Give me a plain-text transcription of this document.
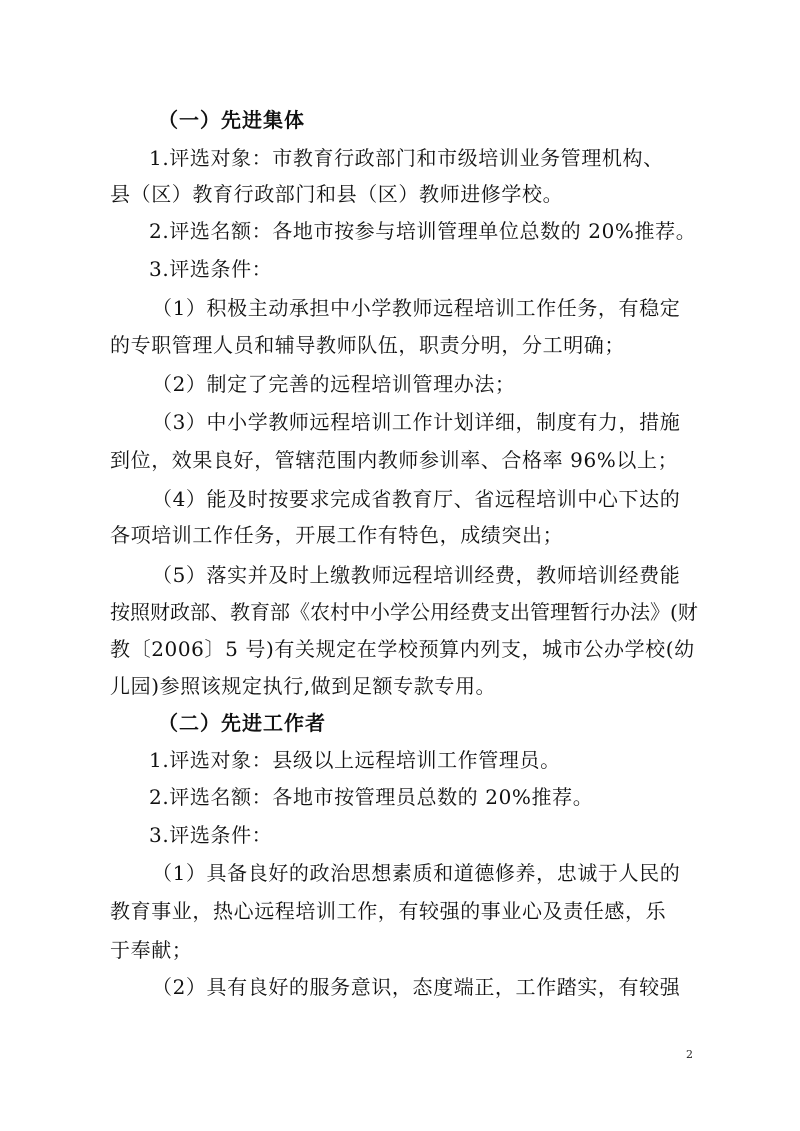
（一）先进集体
1.评选对象：市教育行政部门和市级培训业务管理机构、
县（区）教育行政部门和县（区）教师进修学校。
2.评选名额：各地市按参与培训管理单位总数的 20%推荐。
3.评选条件：
（1）积极主动承担中小学教师远程培训工作任务，有稳定
的专职管理人员和辅导教师队伍，职责分明，分工明确；
（2）制定了完善的远程培训管理办法；
（3）中小学教师远程培训工作计划详细，制度有力，措施
到位，效果良好，管辖范围内教师参训率、合格率 96%以上；
（4）能及时按要求完成省教育厅、省远程培训中心下达的
各项培训工作任务，开展工作有特色，成绩突出；
（5）落实并及时上缴教师远程培训经费，教师培训经费能
按照财政部、教育部《农村中小学公用经费支出管理暂行办法》(财
教〔2006〕5 号)有关规定在学校预算内列支，城市公办学校(幼
儿园)参照该规定执行,做到足额专款专用。
（二）先进工作者
1.评选对象：县级以上远程培训工作管理员。
2.评选名额：各地市按管理员总数的 20%推荐。
3.评选条件：
（1）具备良好的政治思想素质和道德修养，忠诚于人民的
教育事业，热心远程培训工作，有较强的事业心及责任感，乐
于奉献；
（2）具有良好的服务意识，态度端正，工作踏实，有较强
2
